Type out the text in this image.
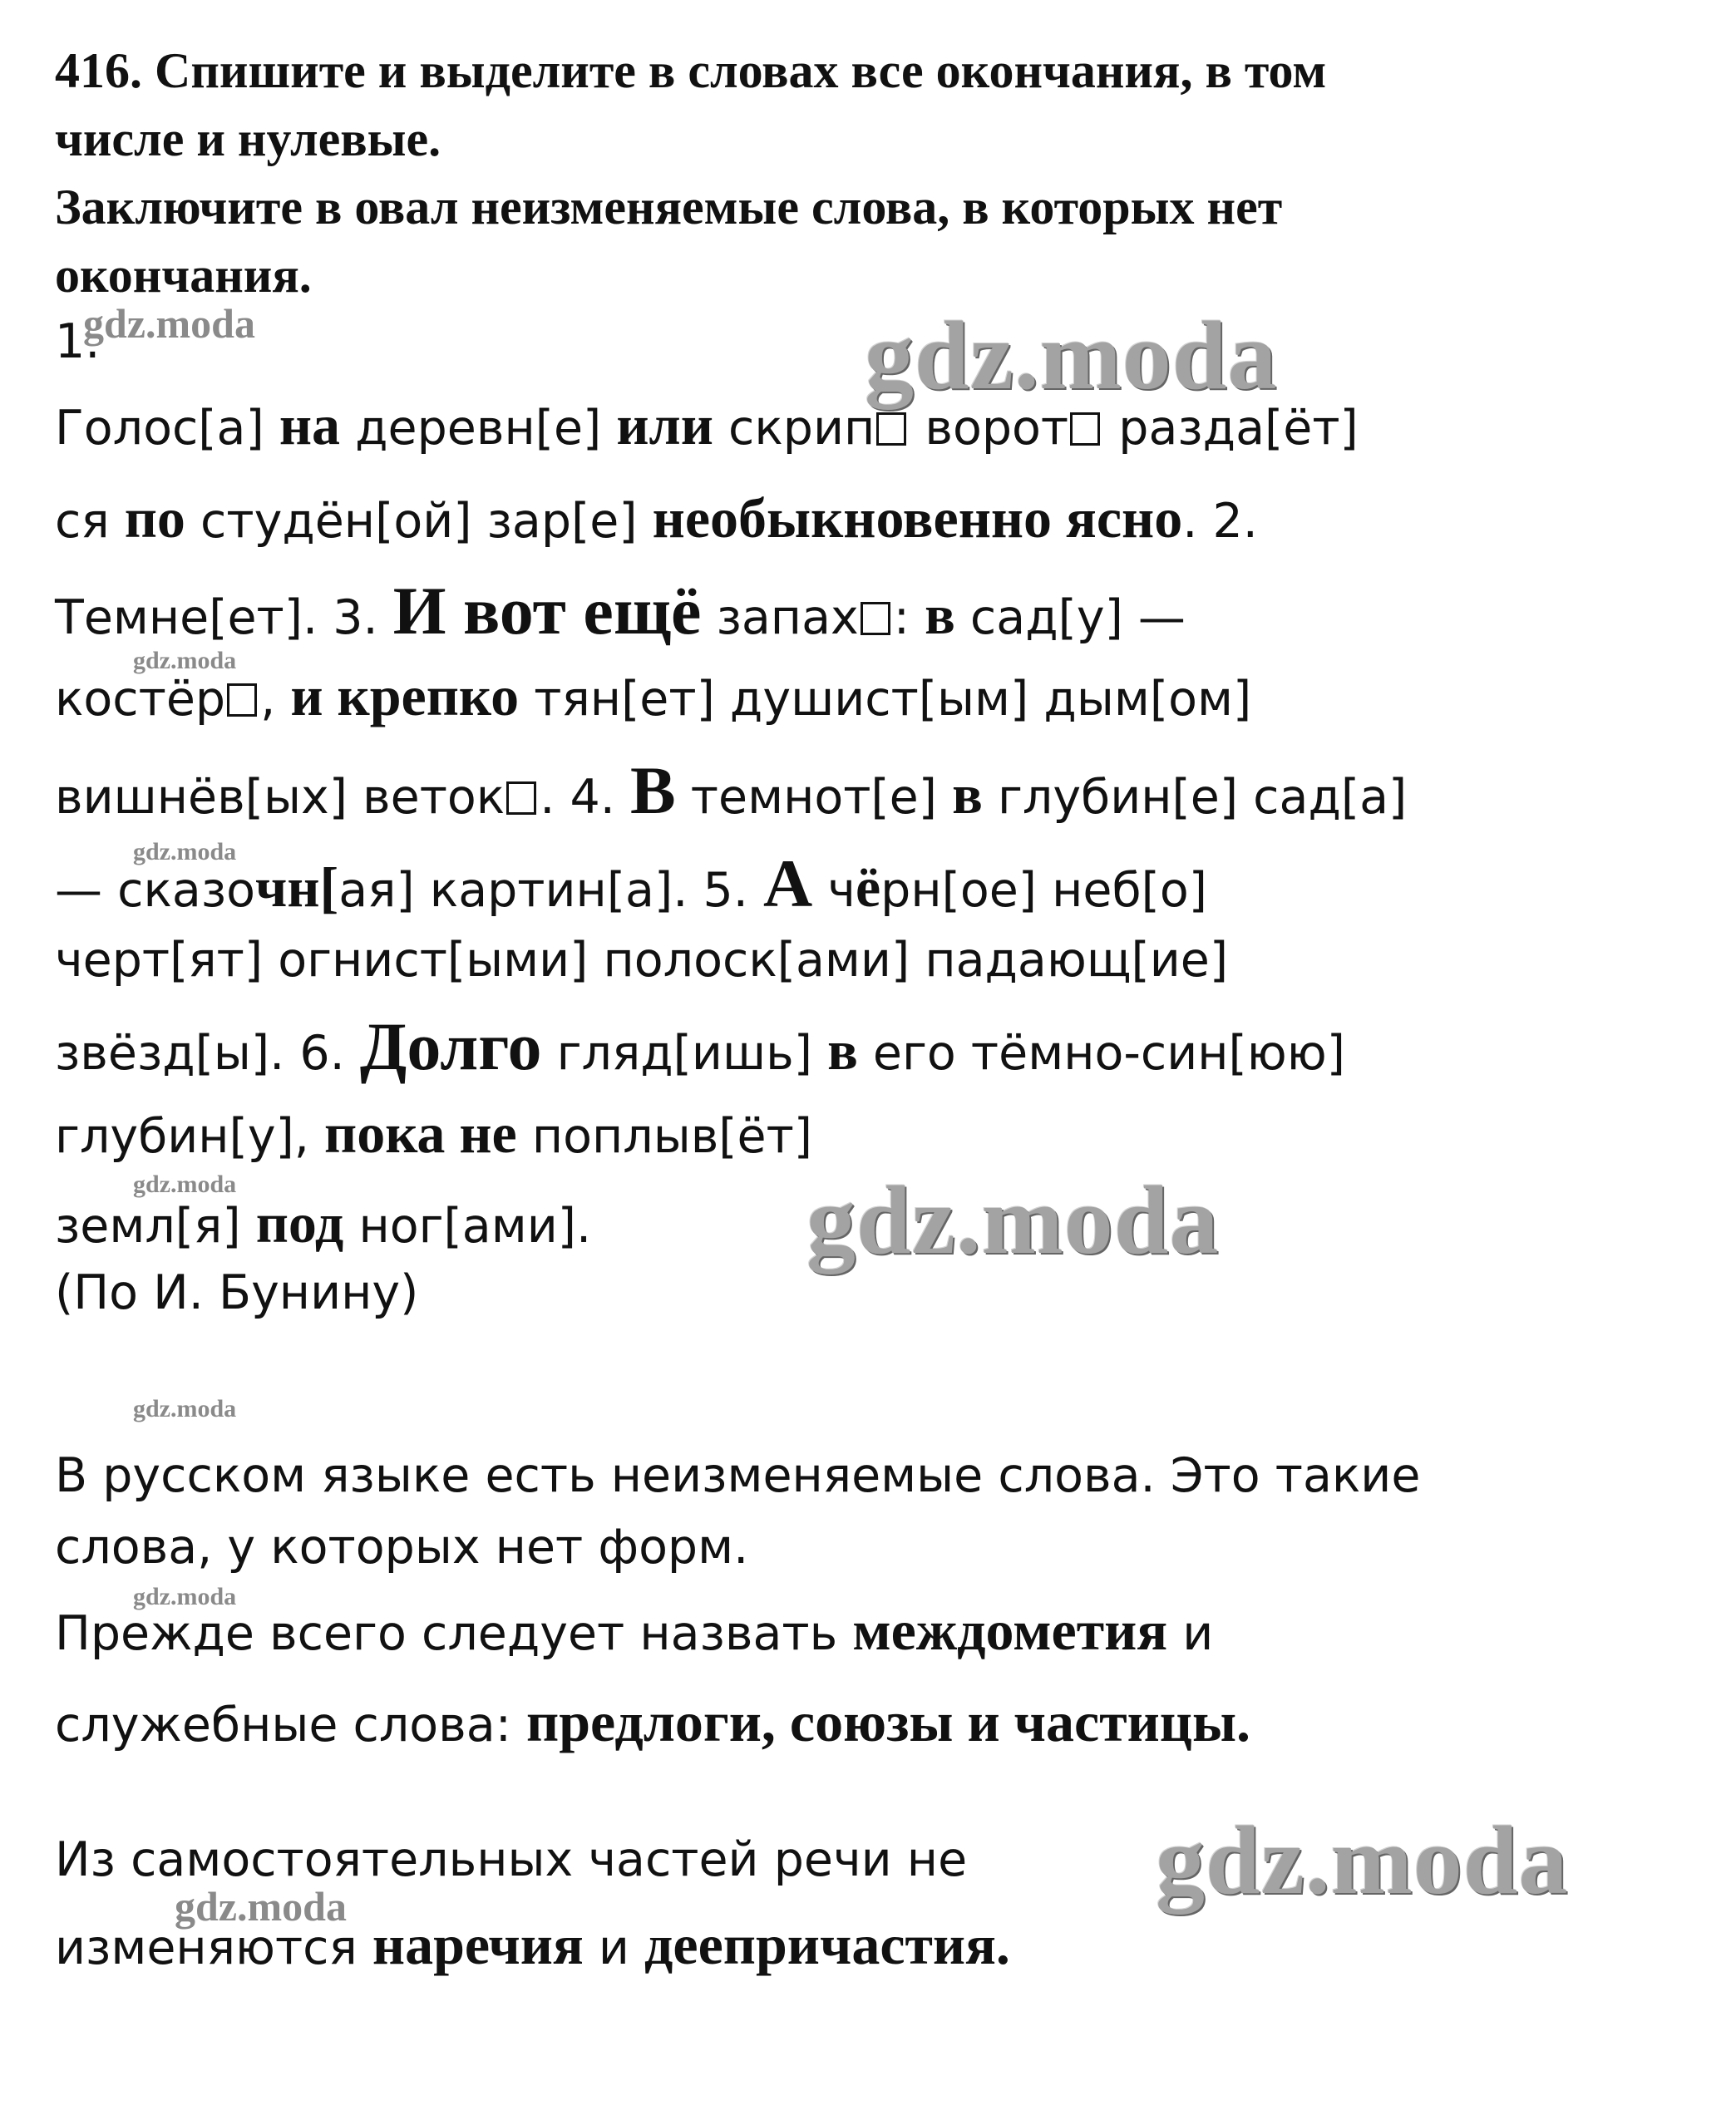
416. Спишите и выделите в словах все окончания, в том
числе и нулевые.
Заключите в овал неизменяемые слова, в которых нет
окончания.
1.
Голос[а] на деревн[е] или скрип ворот разда[ёт]
ся по студён[ой] зар[е] необыкновенно ясно. 2.
Темне[ет]. 3. И вот ещё запах : в сад[у] —
костёр , и крепко тян[ет] душист[ым] дым[ом]
вишнёв[ых] веток . 4. В темнот[е] в глубин[е] сад[а]
— сказочн[ая] картин[а]. 5. А чёрн[ое] неб[о]
черт[ят] огнист[ыми] полоск[ами] падающ[ие]
звёзд[ы]. 6. Долго гляд[ишь] в его тёмно-син[юю]
глубин[у], пока не поплыв[ёт]
земл[я] под ног[ами].
(По И. Бунину)
В русском языке есть неизменяемые слова. Это такие
слова, у которых нет форм.
Прежде всего следует назвать междометия и
служебные слова: предлоги, союзы и частицы.
Из самостоятельных частей речи не
изменяются наречия и деепричастия.
gdz.moda	gdz.moda
gdz.moda
gdz.moda
gdz.moda	gdz.moda
gdz.moda
gdz.moda
gdz.moda
gdz.moda
